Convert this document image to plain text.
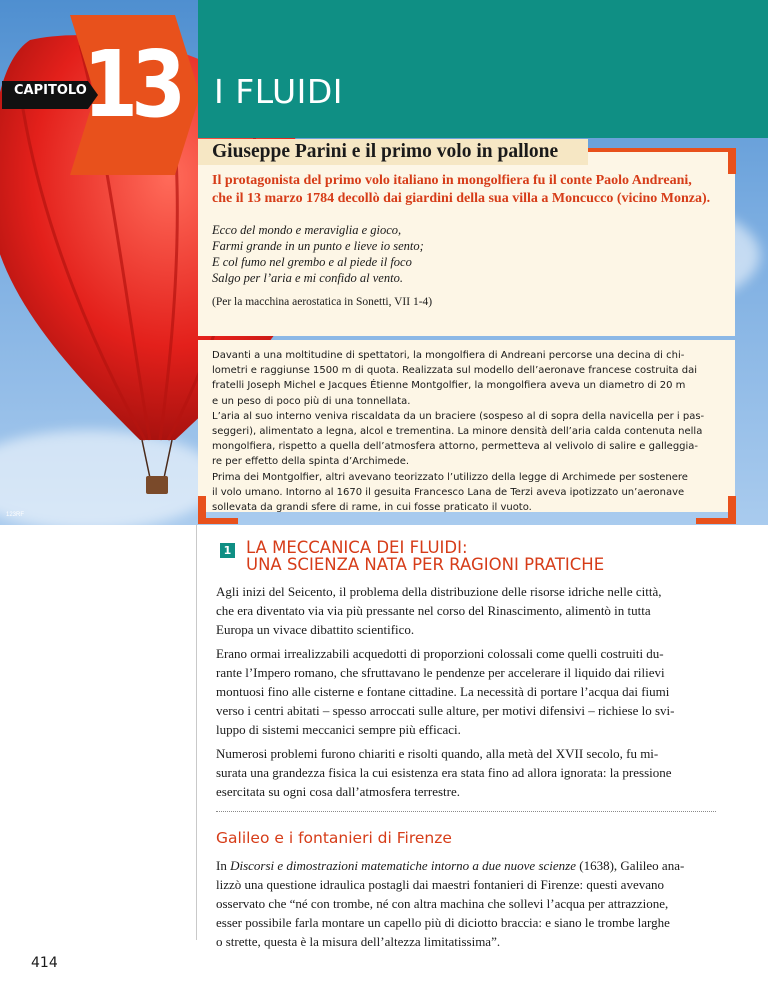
123RF
CAPITOLO
13 I FLUIDI
Giuseppe Parini e il primo volo in pallone
Il protagonista del primo volo italiano in mongolfiera fu il conte Paolo Andreani,
che il 13 marzo 1784 decollò dai giardini della sua villa a Moncucco (vicino Monza).
Ecco del mondo e meraviglia e gioco,
Farmi grande in un punto e lieve io sento;
E col fumo nel grembo e al piede il foco
Salgo per l’aria e mi confido al vento.
(Per la macchina aerostatica in Sonetti, VII 1-4)
Davanti a una moltitudine di spettatori, la mongolfiera di Andreani percorse una decina di chi-
lometri e raggiunse 1500 m di quota. Realizzata sul modello dell’aeronave francese costruita dai
fratelli Joseph Michel e Jacques Étienne Montgolfier, la mongolfiera aveva un diametro di 20 m
e un peso di poco più di una tonnellata.
L’aria al suo interno veniva riscaldata da un braciere (sospeso al di sopra della navicella per i pas-
seggeri), alimentato a legna, alcol e trementina. La minore densità dell’aria calda contenuta nella
mongolfiera, rispetto a quella dell’atmosfera attorno, permetteva al velivolo di salire e galleggia-
re per effetto della spinta d’Archimede.
Prima dei Montgolfier, altri avevano teorizzato l’utilizzo della legge di Archimede per sostenere
il volo umano. Intorno al 1670 il gesuita Francesco Lana de Terzi aveva ipotizzato un’aeronave
sollevata da grandi sfere di rame, in cui fosse praticato il vuoto.
1 LA MECCANICA DEI FLUIDI:
UNA SCIENZA NATA PER RAGIONI PRATICHE
Agli inizi del Seicento, il problema della distribuzione delle risorse idriche nelle città,
che era diventato via via più pressante nel corso del Rinascimento, alimentò in tutta
Europa un vivace dibattito scientifico.
Erano ormai irrealizzabili acquedotti di proporzioni colossali come quelli costruiti du-
rante l’Impero romano, che sfruttavano le pendenze per accelerare il liquido dai rilievi
montuosi fino alle cisterne e fontane cittadine. La necessità di portare l’acqua dai fiumi
verso i centri abitati – spesso arroccati sulle alture, per motivi difensivi – richiese lo svi-
luppo di sistemi meccanici sempre più efficaci.
Numerosi problemi furono chiariti e risolti quando, alla metà del XVII secolo, fu mi-
surata una grandezza fisica la cui esistenza era stata fino ad allora ignorata: la pressione
esercitata su ogni cosa dall’atmosfera terrestre.
Galileo e i fontanieri di Firenze
In Discorsi e dimostrazioni matematiche intorno a due nuove scienze (1638), Galileo ana-
lizzò una questione idraulica postagli dai maestri fontanieri di Firenze: questi avevano
osservato che “né con trombe, né con altra machina che sollevi l’acqua per attrazzione,
esser possibile farla montare un capello più di diciotto braccia: e siano le trombe larghe
o strette, questa è la misura dell’altezza limitatissima”.
414
